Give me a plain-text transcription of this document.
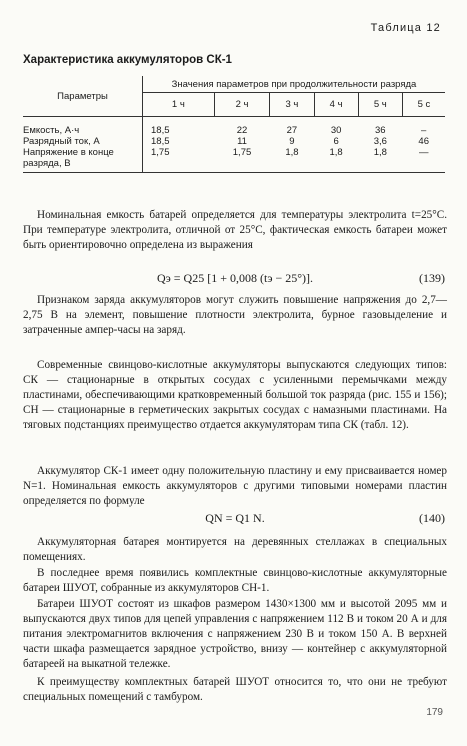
Таблица 12
Характеристика аккумуляторов СК-1
Параметры	Значения параметров при продолжительности разряда					
	1 ч	2 ч	3 ч	4 ч	5 ч	5 с
Емкость, А·ч	18,5	22	27	30	36	–
Разрядный ток, А	18,5	11	9	6	3,6	46
Напряжение в конце разряда, В	1,75	1,75	1,8	1,8	1,8	—

Номинальная емкость батарей определяется для температуры электролита t=25°С. При температуре электролита, отличной от 25°С, фактическая емкость батареи может быть ориентировочно определена из выражения

Qэ = Q25 [1 + 0,008 (tэ − 25°)].	(139)

Признаком заряда аккумуляторов могут служить повышение напряжения до 2,7—2,75 В на элемент, повышение плотности электролита, бурное газовыделение и затраченные ампер-часы на заряд.

Современные свинцово-кислотные аккумуляторы выпускаются следующих типов: СК — стационарные в открытых сосудах с усиленными перемычками между пластинами, обеспечивающими кратковременный большой ток разряда (рис. 155 и 156); СН — стационарные в герметических закрытых сосудах с намазными пластинами. На тяговых подстанциях преимущество отдается аккумуляторам типа СК (табл. 12).

Аккумулятор СК-1 имеет одну положительную пластину и ему присваивается номер N=1. Номинальная емкость аккумуляторов с другими типовыми номерами пластин определяется по формуле

QN = Q1 N.	(140)

Аккумуляторная батарея монтируется на деревянных стеллажах в специальных помещениях.

В последнее время появились комплектные свинцово-кислотные аккумуляторные батареи ШУОТ, собранные из аккумуляторов СН-1.

Батареи ШУОТ состоят из шкафов размером 1430×1300 мм и высотой 2095 мм и выпускаются двух типов для цепей управления с напряжением 112 В и током 20 А и для питания электромагнитов включения с напряжением 230 В и током 150 А. В верхней части шкафа размещается зарядное устройство, внизу — контейнер с аккумуляторной батареей на выкатной тележке.

К преимуществу комплектных батарей ШУОТ относится то, что они не требуют специальных помещений с тамбуром.

179
